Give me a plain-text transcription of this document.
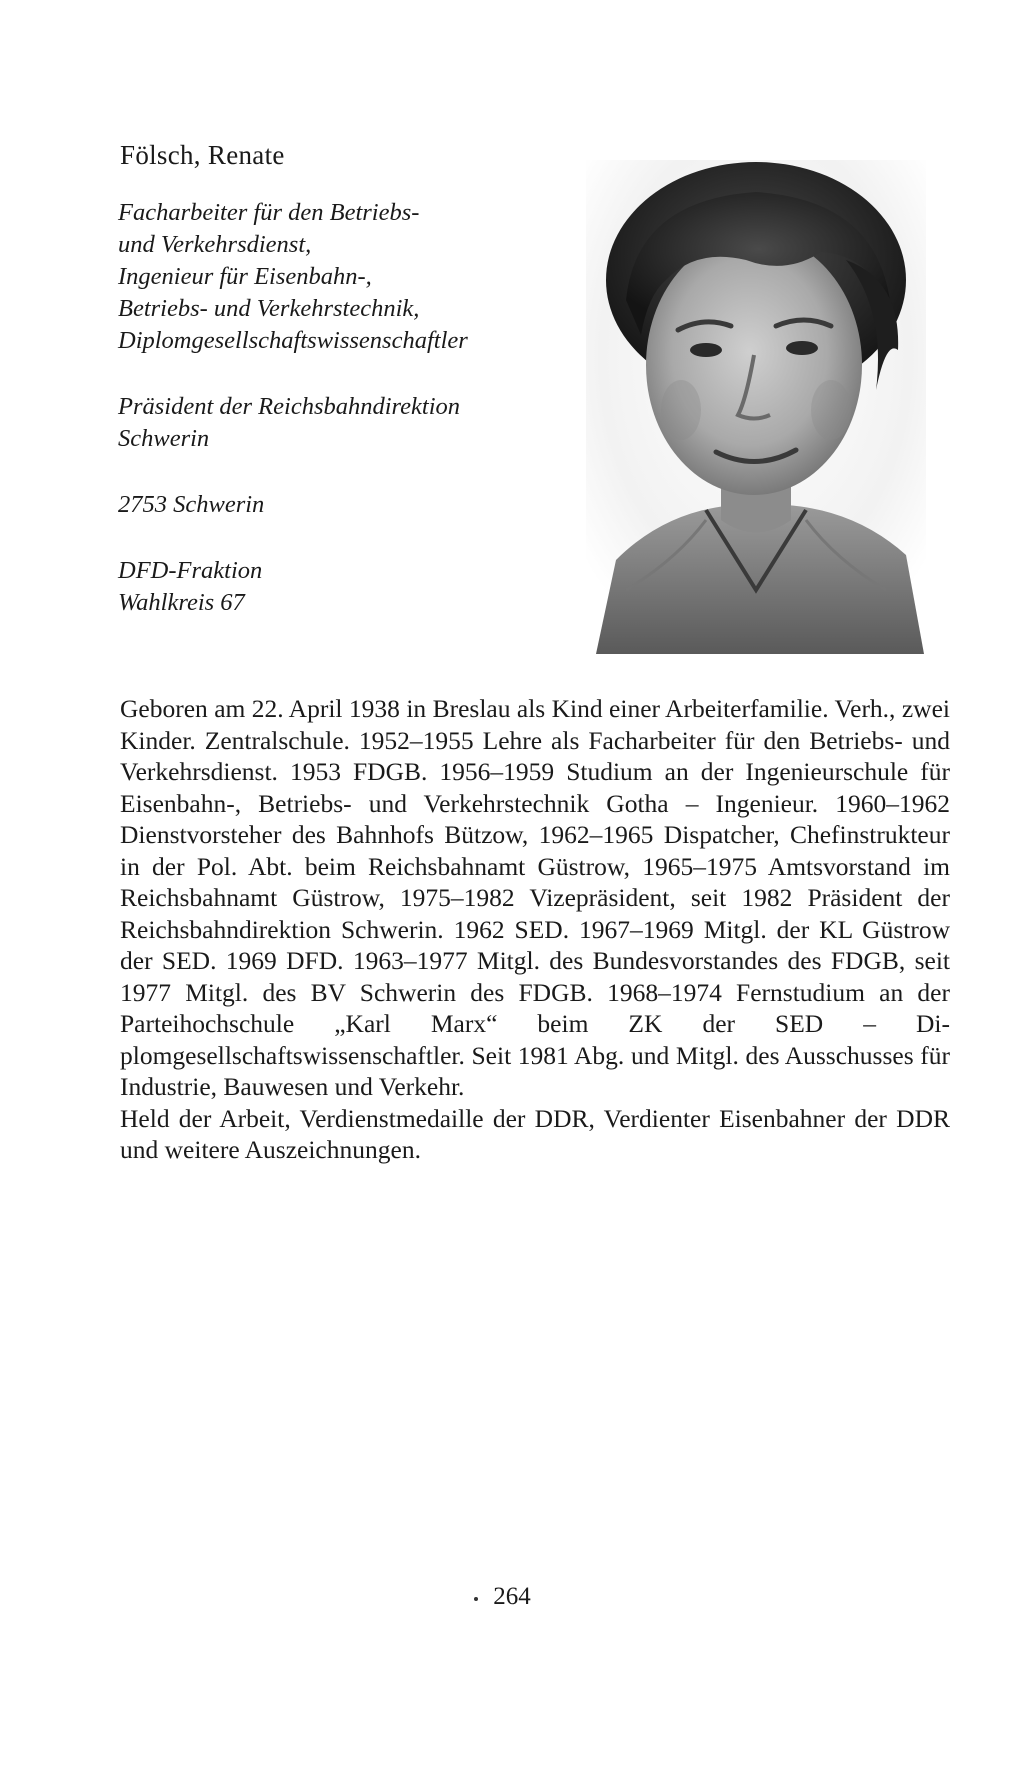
Fölsch, Renate

Facharbeiter für den Betriebs-
und Verkehrsdienst,
Ingenieur für Eisenbahn-,
Betriebs- und Verkehrstechnik,
Diplomgesellschaftswissenschaftler

Präsident der Reichsbahndirektion
Schwerin

2753 Schwerin

DFD-Fraktion
Wahlkreis 67

Geboren am 22. April 1938 in Breslau als Kind einer Arbeiterfamilie. Verh., zwei Kinder. Zentralschule. 1952–1955 Lehre als Facharbeiter für den Betriebs- und Verkehrsdienst. 1953 FDGB. 1956–1959 Studium an der Ingenieurschule für Eisenbahn-, Betriebs- und Verkehrstechnik Gotha – Ingenieur. 1960–1962 Dienstvorsteher des Bahnhofs Bützow, 1962–1965 Dispatcher, Chefinstrukteur in der Pol. Abt. beim Reichsbahnamt Güstrow, 1965–1975 Amtsvorstand im Reichsbahnamt Güstrow, 1975–1982 Vizepräsident, seit 1982 Präsident der Reichsbahndirektion Schwerin. 1962 SED. 1967–1969 Mitgl. der KL Güstrow der SED. 1969 DFD. 1963–1977 Mitgl. des Bundesvorstandes des FDGB, seit 1977 Mitgl. des BV Schwerin des FDGB. 1968–1974 Fernstudium an der Parteihochschule „Karl Marx“ beim ZK der SED – Diplomgesellschaftswissenschaftler. Seit 1981 Abg. und Mitgl. des Ausschusses für Industrie, Bauwesen und Verkehr.

Held der Arbeit, Verdienstmedaille der DDR, Verdienter Eisenbahner der DDR und weitere Auszeichnungen.

264
